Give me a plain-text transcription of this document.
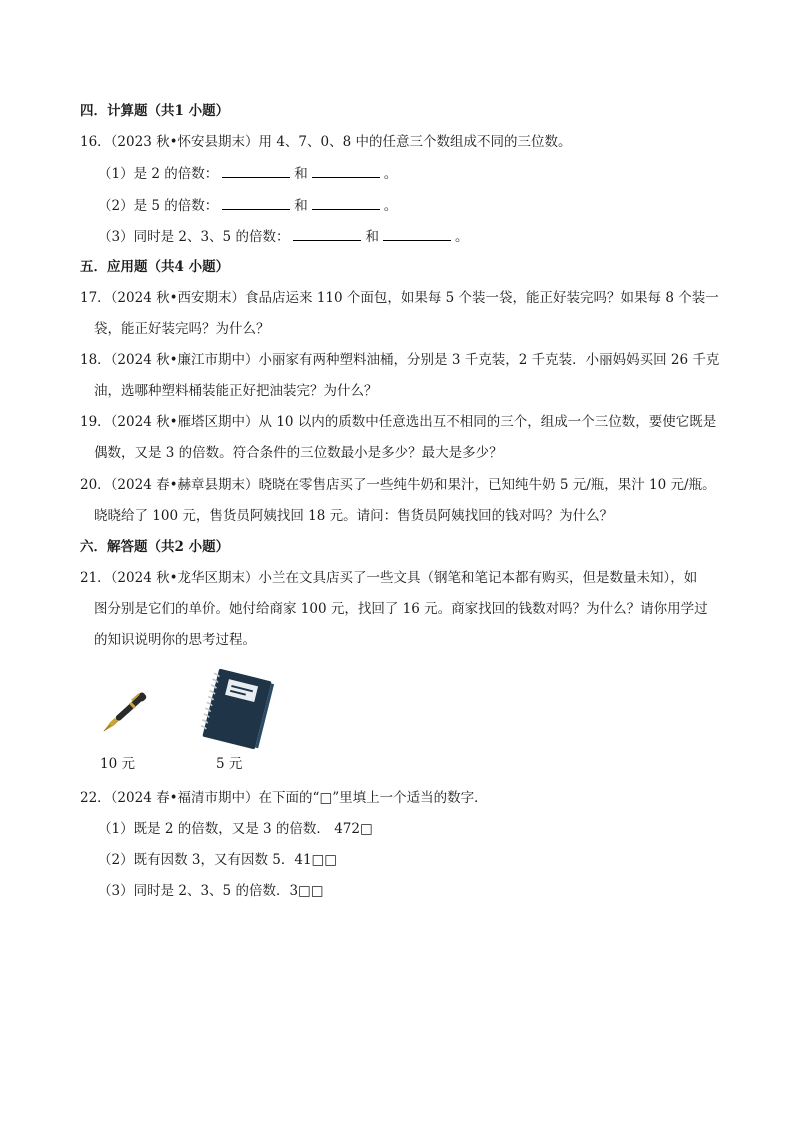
四．计算题（共1 小题）
16．（2023 秋•怀安县期末）用 4、7、0、8 中的任意三个数组成不同的三位数。
（1）是 2 的倍数：	和	。
（2）是 5 的倍数：	和	。
（3）同时是 2、3、5 的倍数：	和	。
五．应用题（共4 小题）
17．（2024 秋•西安期末）食品店运来 110 个面包，如果每 5 个装一袋，能正好装完吗？如果每 8 个装一
袋，能正好装完吗？为什么？
18．（2024 秋•廉江市期中）小丽家有两种塑料油桶，分别是 3 千克装，2 千克装．小丽妈妈买回 26 千克
油，选哪种塑料桶装能正好把油装完？为什么？
19．（2024 秋•雁塔区期中）从 10 以内的质数中任意选出互不相同的三个，组成一个三位数，要使它既是
偶数，又是 3 的倍数。符合条件的三位数最小是多少？最大是多少？
20．（2024 春•赫章县期末）晓晓在零售店买了一些纯牛奶和果汁，已知纯牛奶 5 元/瓶，果汁 10 元/瓶。
晓晓给了 100 元，售货员阿姨找回 18 元。请问：售货员阿姨找回的钱对吗？为什么？
六．解答题（共2 小题）
21．（2024 秋•龙华区期末）小兰在文具店买了一些文具（钢笔和笔记本都有购买，但是数量未知），如
图分别是它们的单价。她付给商家 100 元，找回了 16 元。商家找回的钱数对吗？为什么？请你用学过
的知识说明你的思考过程。
10 元	5 元
22．（2024 春•福清市期中）在下面的“□”里填上一个适当的数字．
（1）既是 2 的倍数，又是 3 的倍数． 472□
（2）既有因数 3，又有因数 5．41□□
（3）同时是 2、3、5 的倍数．3□□
